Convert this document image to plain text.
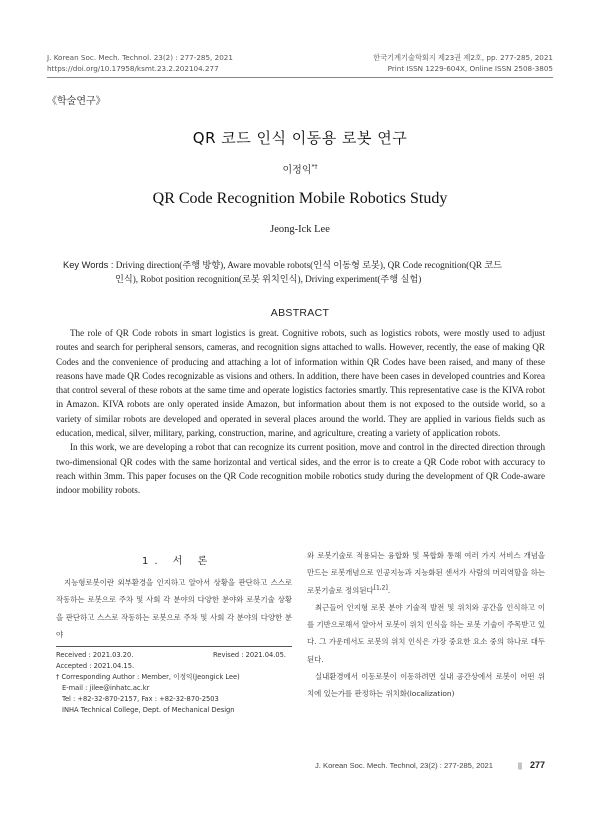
J. Korean Soc. Mech. Technol. 23(2) : 277-285, 2021
https://doi.org/10.17958/ksmt.23.2.202104.277
한국기계기술학회지 제23권 제2호, pp. 277-285, 2021
Print ISSN 1229-604X, Online ISSN 2508-3805
《학술연구》
QR 코드 인식 이동용 로봇 연구
이정익*†
QR Code Recognition Mobile Robotics Study
Jeong-Ick Lee
Key Words : Driving direction(주행 방향), Aware movable robots(인식 이동형 로봇), QR Code recognition(QR 코드
인식), Robot position recognition(로봇 위치인식), Driving experiment(주행 실험)
ABSTRACT

The role of QR Code robots in smart logistics is great. Cognitive robots, such as logistics robots, were mostly used to adjust routes and search for peripheral sensors, cameras, and recognition signs attached to walls. However, recently, the ease of making QR Codes and the convenience of producing and attaching a lot of information within QR Codes have been raised, and many of these reasons have made QR Codes recognizable as visions and others. In addition, there have been cases in developed countries and Korea that control several of these robots at the same time and operate logistics factories smartly. This representative case is the KIVA robot in Amazon. KIVA robots are only operated inside Amazon, but information about them is not exposed to the outside world, so a variety of similar robots are developed and operated in several places around the world. They are applied in various fields such as education, medical, silver, military, parking, construction, marine, and agriculture, creating a variety of application robots.

In this work, we are developing a robot that can recognize its current position, move and control in the directed direction through two-dimensional QR codes with the same horizontal and vertical sides, and the error is to create a QR Code robot with accuracy to reach within 3mm. This paper focuses on the QR Code recognition mobile robotics study during the development of QR Code-aware indoor mobility robots.

1. 서 론

지능형로봇이란 외부환경을 인지하고 알아서 상황을 판단하고 스스로 작동하는 로봇으로 주차 및 사회 각 분야의 다양한 분야와 로봇기술 상황을 판단하고 스스로 작동하는 로봇으로 주차 및 사회 각 분야의 다양한 분야

Received : 2021.03.20.	Revised : 2021.04.05.
Accepted : 2021.04.15.
† Corresponding Author : Member, 이정익(Jeongick Lee)
E-mail : jilee@inhatc.ac.kr
Tel : +82-32-870-2157, Fax : +82-32-870-2503
INHA Technical College, Dept. of Mechanical Design

와 로봇기술로 적용되는 융합화 및 복합화 통해 여러 가지 서비스 개념을 만드는 로봇개념으로 인공지능과 지능화된 센서가 사람의 머리역할을 하는 로봇기술로 정의된다[1,2].

최근들어 인지형 로봇 분야 기술적 발전 및 위치와 공간을 인식하고 이를 기반으로해서 알아서 로봇이 위치 인식을 하는 로봇 기술이 주목받고 있다. 그 가운데서도 로봇의 위치 인식은 가장 중요한 요소 중의 하나로 대두된다.

실내환경에서 이동로봇이 이동하려면 실내 공간상에서 로봇이 어떤 위치에 있는가를 판정하는 위치화(localization)

J. Korean Soc. Mech. Technol, 23(2) : 277-285, 2021	|| 277
